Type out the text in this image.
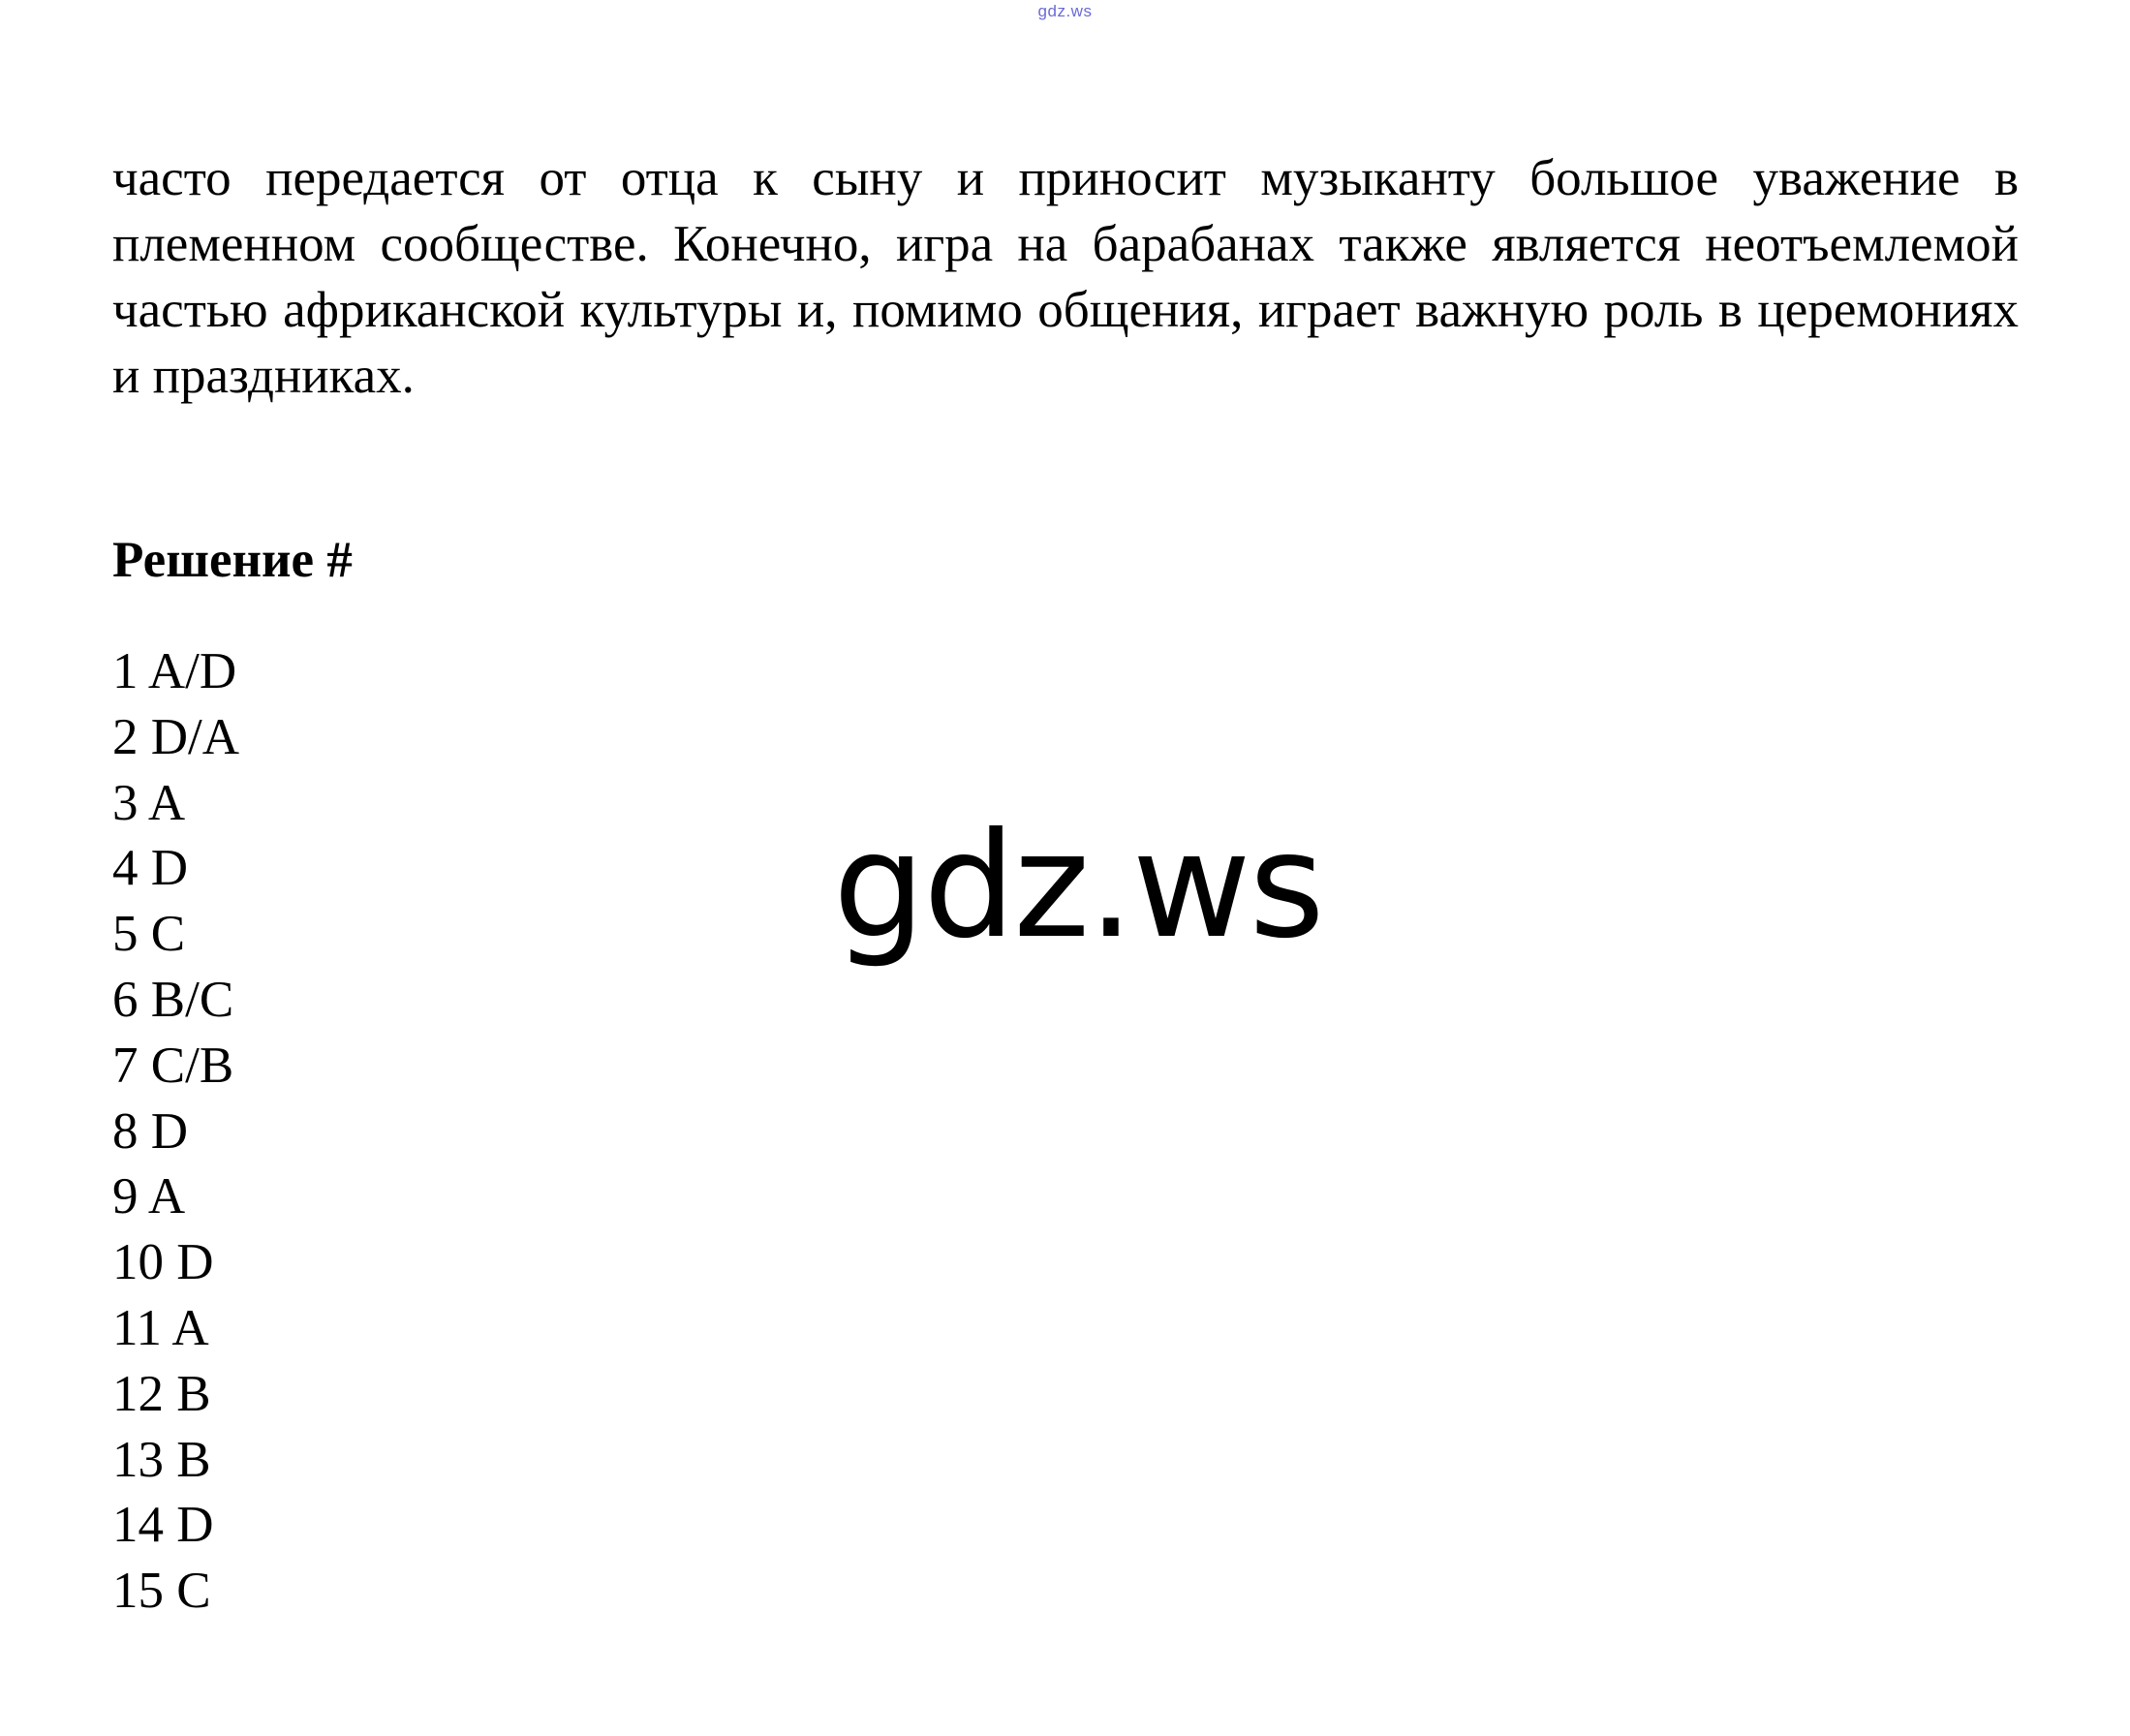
gdz.ws

часто передается от отца к сыну и приносит музыканту большое уважение в племенном сообществе. Конечно, игра на барабанах также является неотъемлемой частью африканской культуры и, помимо общения, играет важную роль в церемониях и праздниках.

Решение #
1 A/D
2 D/A
3 A
4 D
5 C
6 B/C
7 C/B
8 D
9 A
10 D
11 A
12 B
13 B
14 D
15 C
gdz.ws
